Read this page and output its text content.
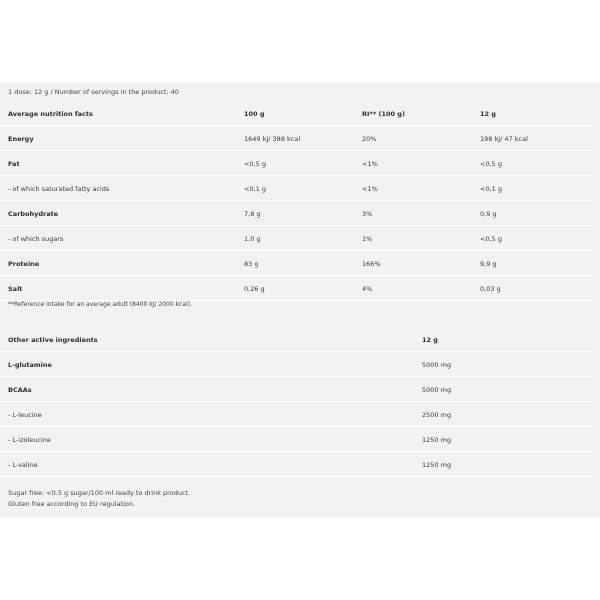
1 dose: 12 g / Number of servings in the product: 40
Average nutrition facts	100 g	RI** (100 g)	12 g
Energy	1649 kJ/ 388 kcal	20%	198 kJ/ 47 kcal
Fat	<0,5 g	<1%	<0,5 g
- of which saturated fatty acids	<0,1 g	<1%	<0,1 g
Carbohydrate	7,8 g	3%	0,9 g
- of which sugars	1,0 g	1%	<0,5 g
Proteine	83 g	166%	9,9 g
Salt	0,26 g	4%	0,03 g
**Reference intake for an average adult (8400 kJ/ 2000 kcal).
Other active ingredients	12 g
L-glutamine	5000 mg
BCAAs	5000 mg
- L-leucine	2500 mg
- L-izoleucine	1250 mg
- L-valine	1250 mg
Sugar free: <0.5 g sugar/100 ml ready to drink product.
Gluten free according to EU regulation.
